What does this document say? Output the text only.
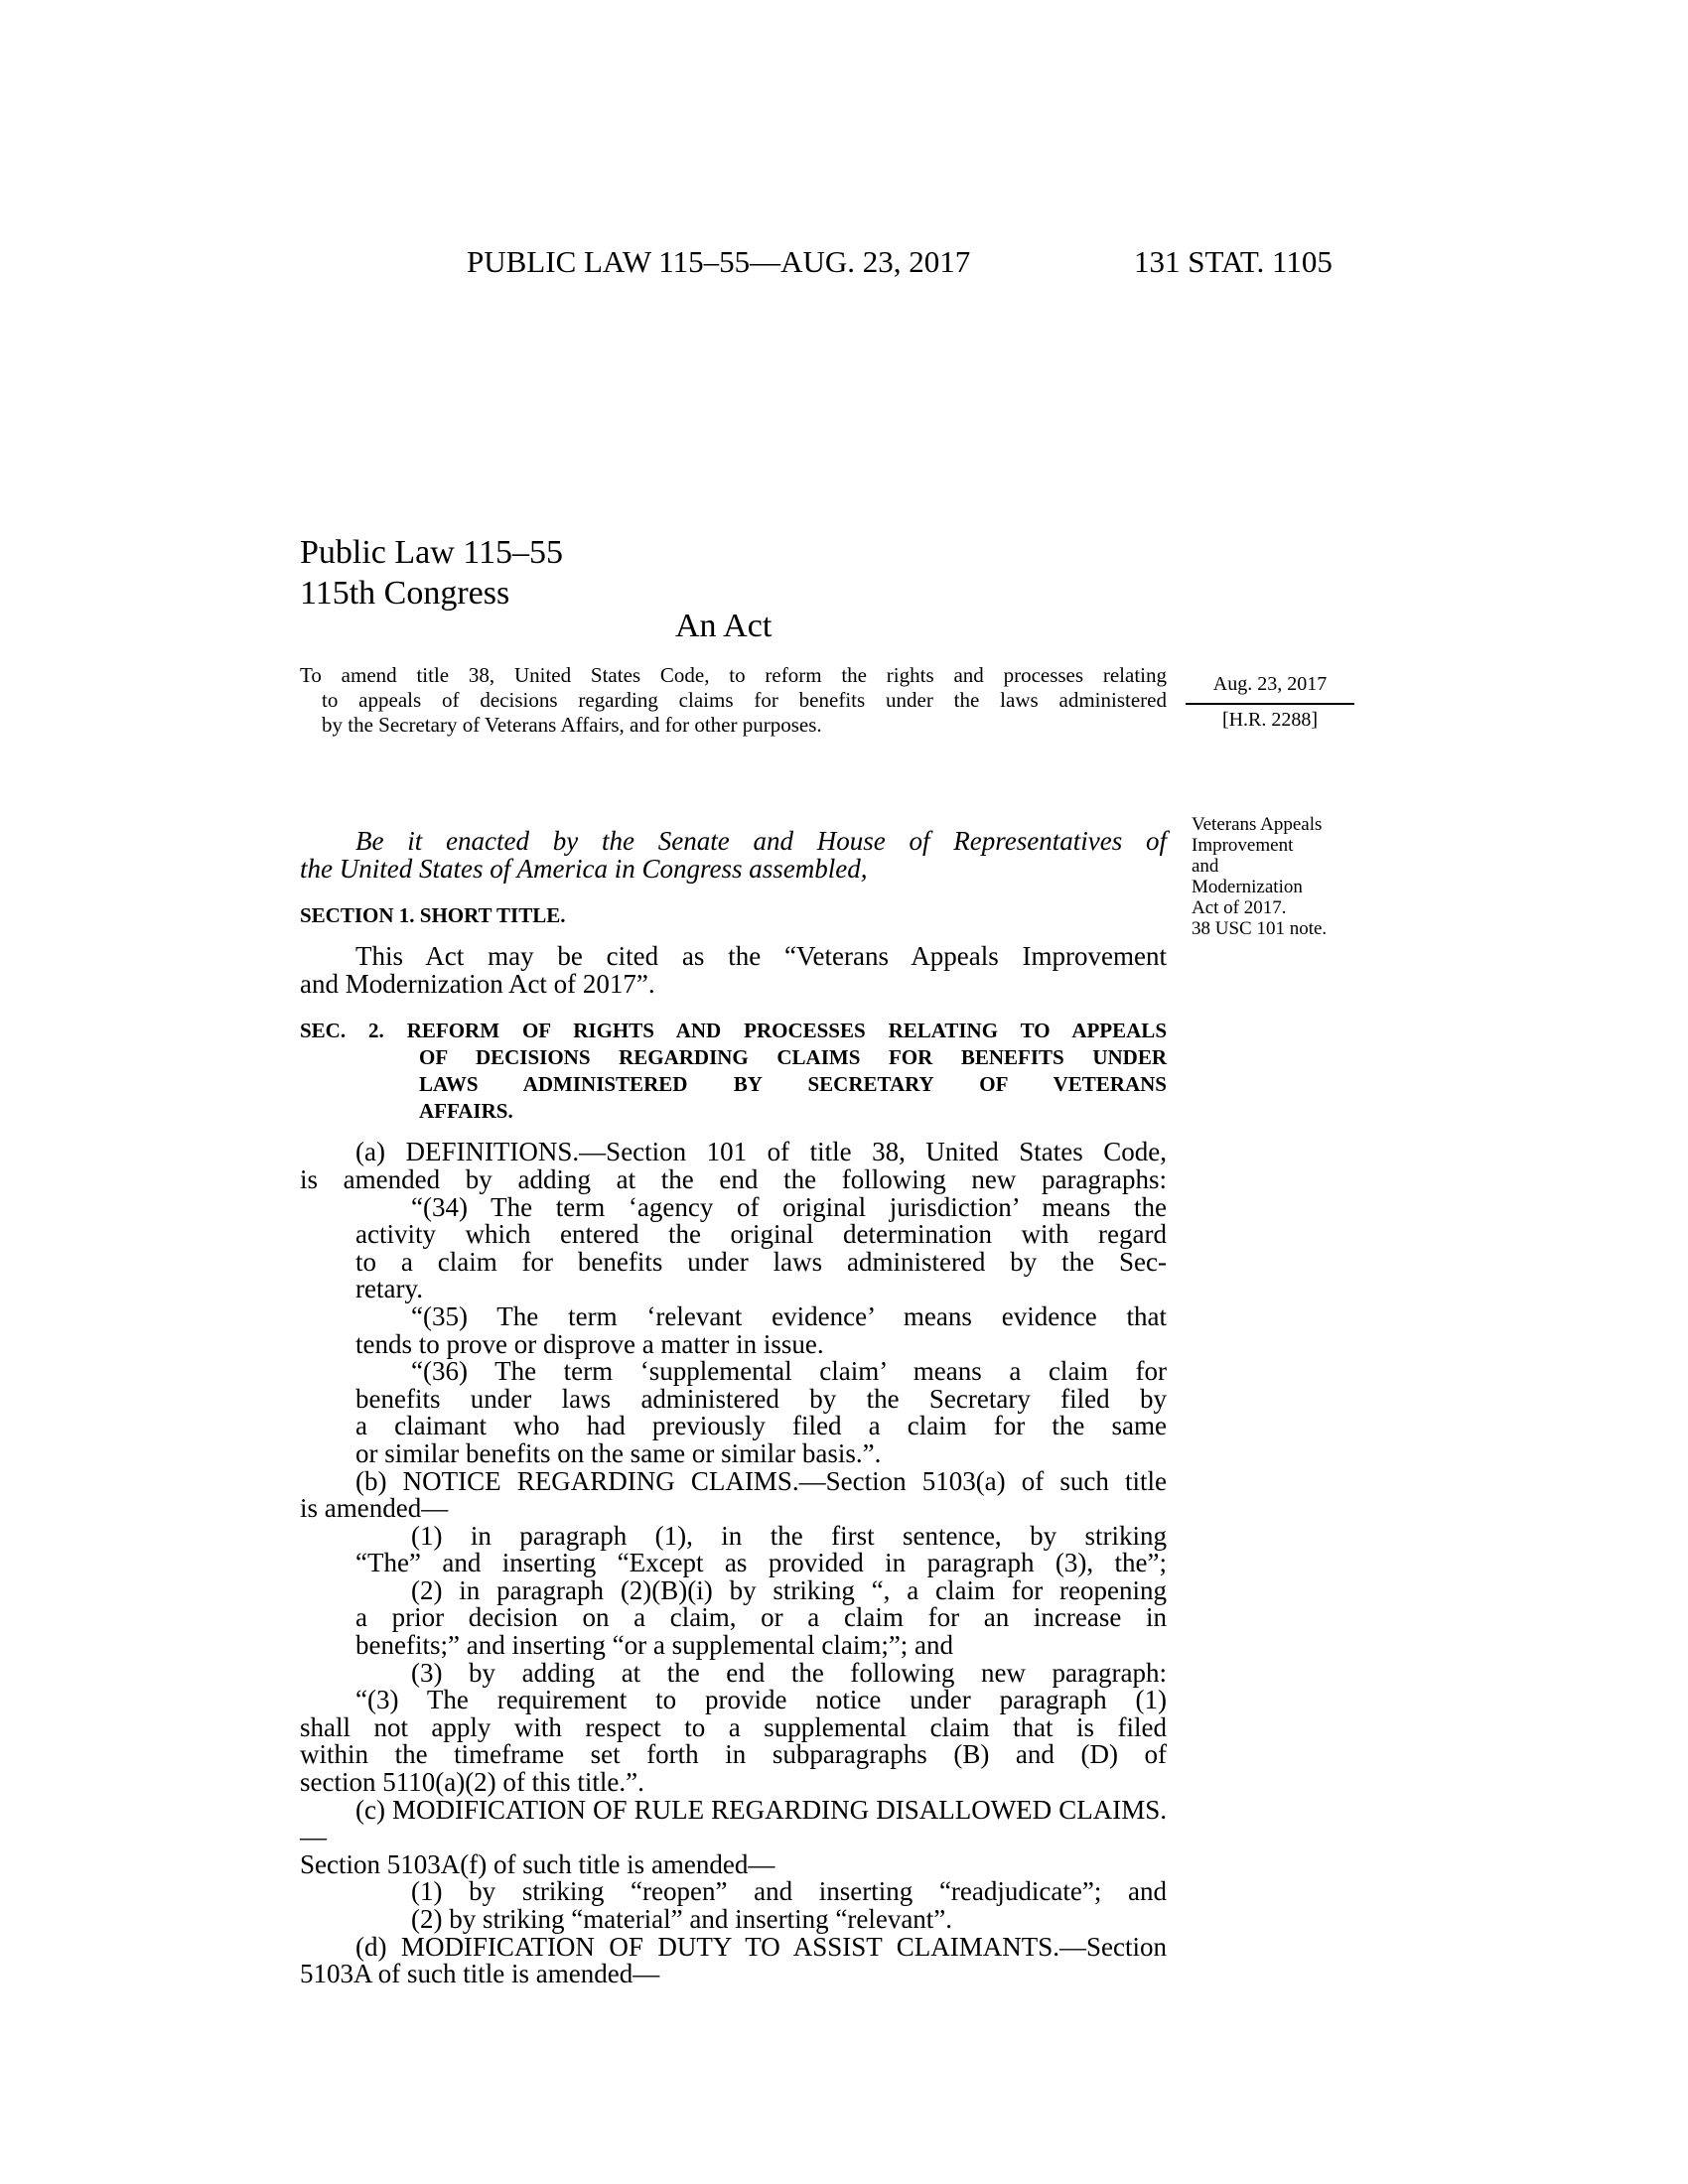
PUBLIC LAW 115–55—AUG. 23, 2017	131 STAT. 1105
Public Law 115–55
115th Congress
An Act
To amend title 38, United States Code, to reform the rights and processes relating
to appeals of decisions regarding claims for benefits under the laws administered
by the Secretary of Veterans Affairs, and for other purposes.
Aug. 23, 2017
[H.R. 2288]
Veterans Appeals
Improvement
and
Modernization
Act of 2017.
38 USC 101 note.

Be it enacted by the Senate and House of Representatives of

the United States of America in Congress assembled,

SECTION 1. SHORT TITLE.

This Act may be cited as the “Veterans Appeals Improvement

and Modernization Act of 2017”.

SEC. 2. REFORM OF RIGHTS AND PROCESSES RELATING TO APPEALS
OF DECISIONS REGARDING CLAIMS FOR BENEFITS UNDER
LAWS ADMINISTERED BY SECRETARY OF VETERANS
AFFAIRS.

(a) DEFINITIONS.—Section 101 of title 38, United States Code,

is amended by adding at the end the following new paragraphs:

“(34) The term ‘agency of original jurisdiction’ means the

activity which entered the original determination with regard

to a claim for benefits under laws administered by the Sec-

retary.

“(35) The term ‘relevant evidence’ means evidence that

tends to prove or disprove a matter in issue.

“(36) The term ‘supplemental claim’ means a claim for

benefits under laws administered by the Secretary filed by

a claimant who had previously filed a claim for the same

or similar benefits on the same or similar basis.”.

(b) NOTICE REGARDING CLAIMS.—Section 5103(a) of such title

is amended—

(1) in paragraph (1), in the first sentence, by striking

“The” and inserting “Except as provided in paragraph (3), the”;

(2) in paragraph (2)(B)(i) by striking “, a claim for reopening

a prior decision on a claim, or a claim for an increase in

benefits;” and inserting “or a supplemental claim;”; and

(3) by adding at the end the following new paragraph:

“(3) The requirement to provide notice under paragraph (1)

shall not apply with respect to a supplemental claim that is filed

within the timeframe set forth in subparagraphs (B) and (D) of

section 5110(a)(2) of this title.”.

(c) MODIFICATION OF RULE REGARDING DISALLOWED CLAIMS.—

Section 5103A(f) of such title is amended—

(1) by striking “reopen” and inserting “readjudicate”; and

(2) by striking “material” and inserting “relevant”.

(d) MODIFICATION OF DUTY TO ASSIST CLAIMANTS.—Section

5103A of such title is amended—
